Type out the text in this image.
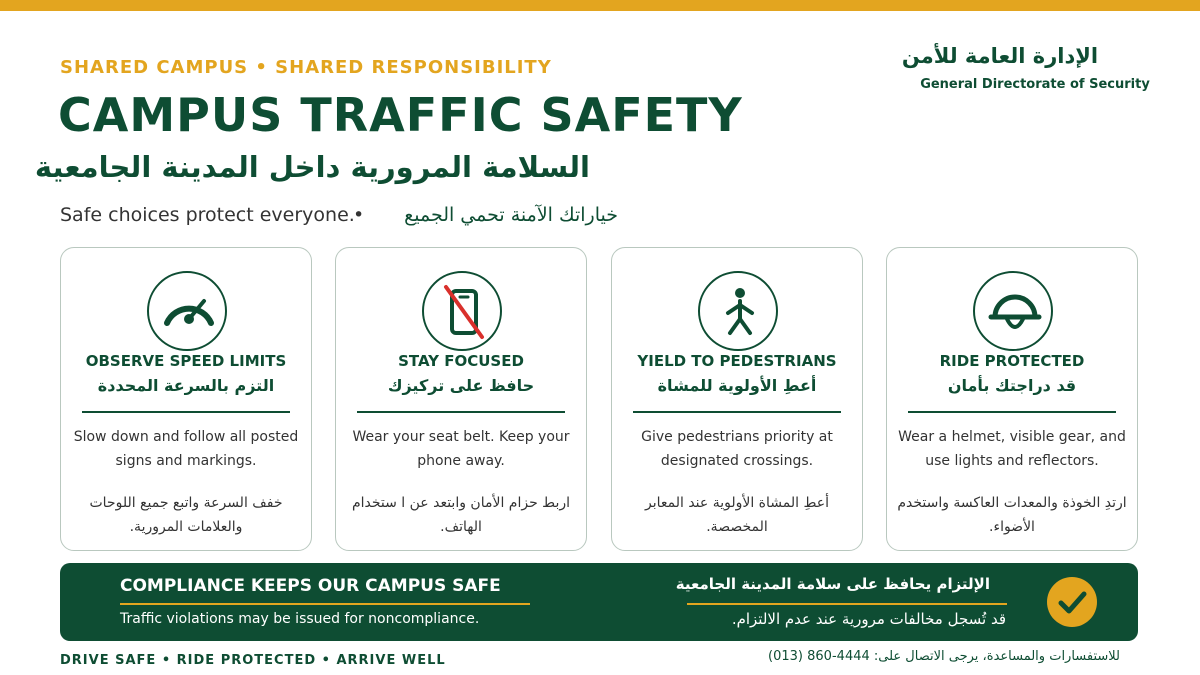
SHARED CAMPUS • SHARED RESPONSIBILITY
CAMPUS TRAFFIC SAFETY
السلامة المرورية داخل المدينة الجامعية
Safe choices protect everyone.
•	خياراتك الآمنة تحمي الجميع
الإدارة العامة للأمن
General Directorate of Security
OBSERVE SPEED LIMITS
التزم بالسرعة المحددة
Slow down and follow all posted signs and markings.
خفف السرعة واتبع جميع اللوحات والعلامات المرورية.
STAY FOCUSED
حافظ على تركيزك
Wear your seat belt. Keep your phone away.
اربط حزام الأمان وابتعد عن ا ستخدام الهاتف.
YIELD TO PEDESTRIANS
أعطِ الأولوية للمشاة
Give pedestrians priority at designated crossings.
أعطِ المشاة الأولوية عند المعابر المخصصة.
RIDE PROTECTED
قد دراجتك بأمان
Wear a helmet, visible gear, and use lights and reflectors.
ارتدِ الخوذة والمعدات العاكسة واستخدم الأضواء.
COMPLIANCE KEEPS OUR CAMPUS SAFE
Traffic violations may be issued for noncompliance.
الإلتزام يحافظ على سلامة المدينة الجامعية
قد تُسجل مخالفات مرورية عند عدم الالتزام.
DRIVE SAFE • RIDE PROTECTED • ARRIVE WELL	للاستفسارات والمساعدة، يرجى الاتصال على: 4444-860 (013)
